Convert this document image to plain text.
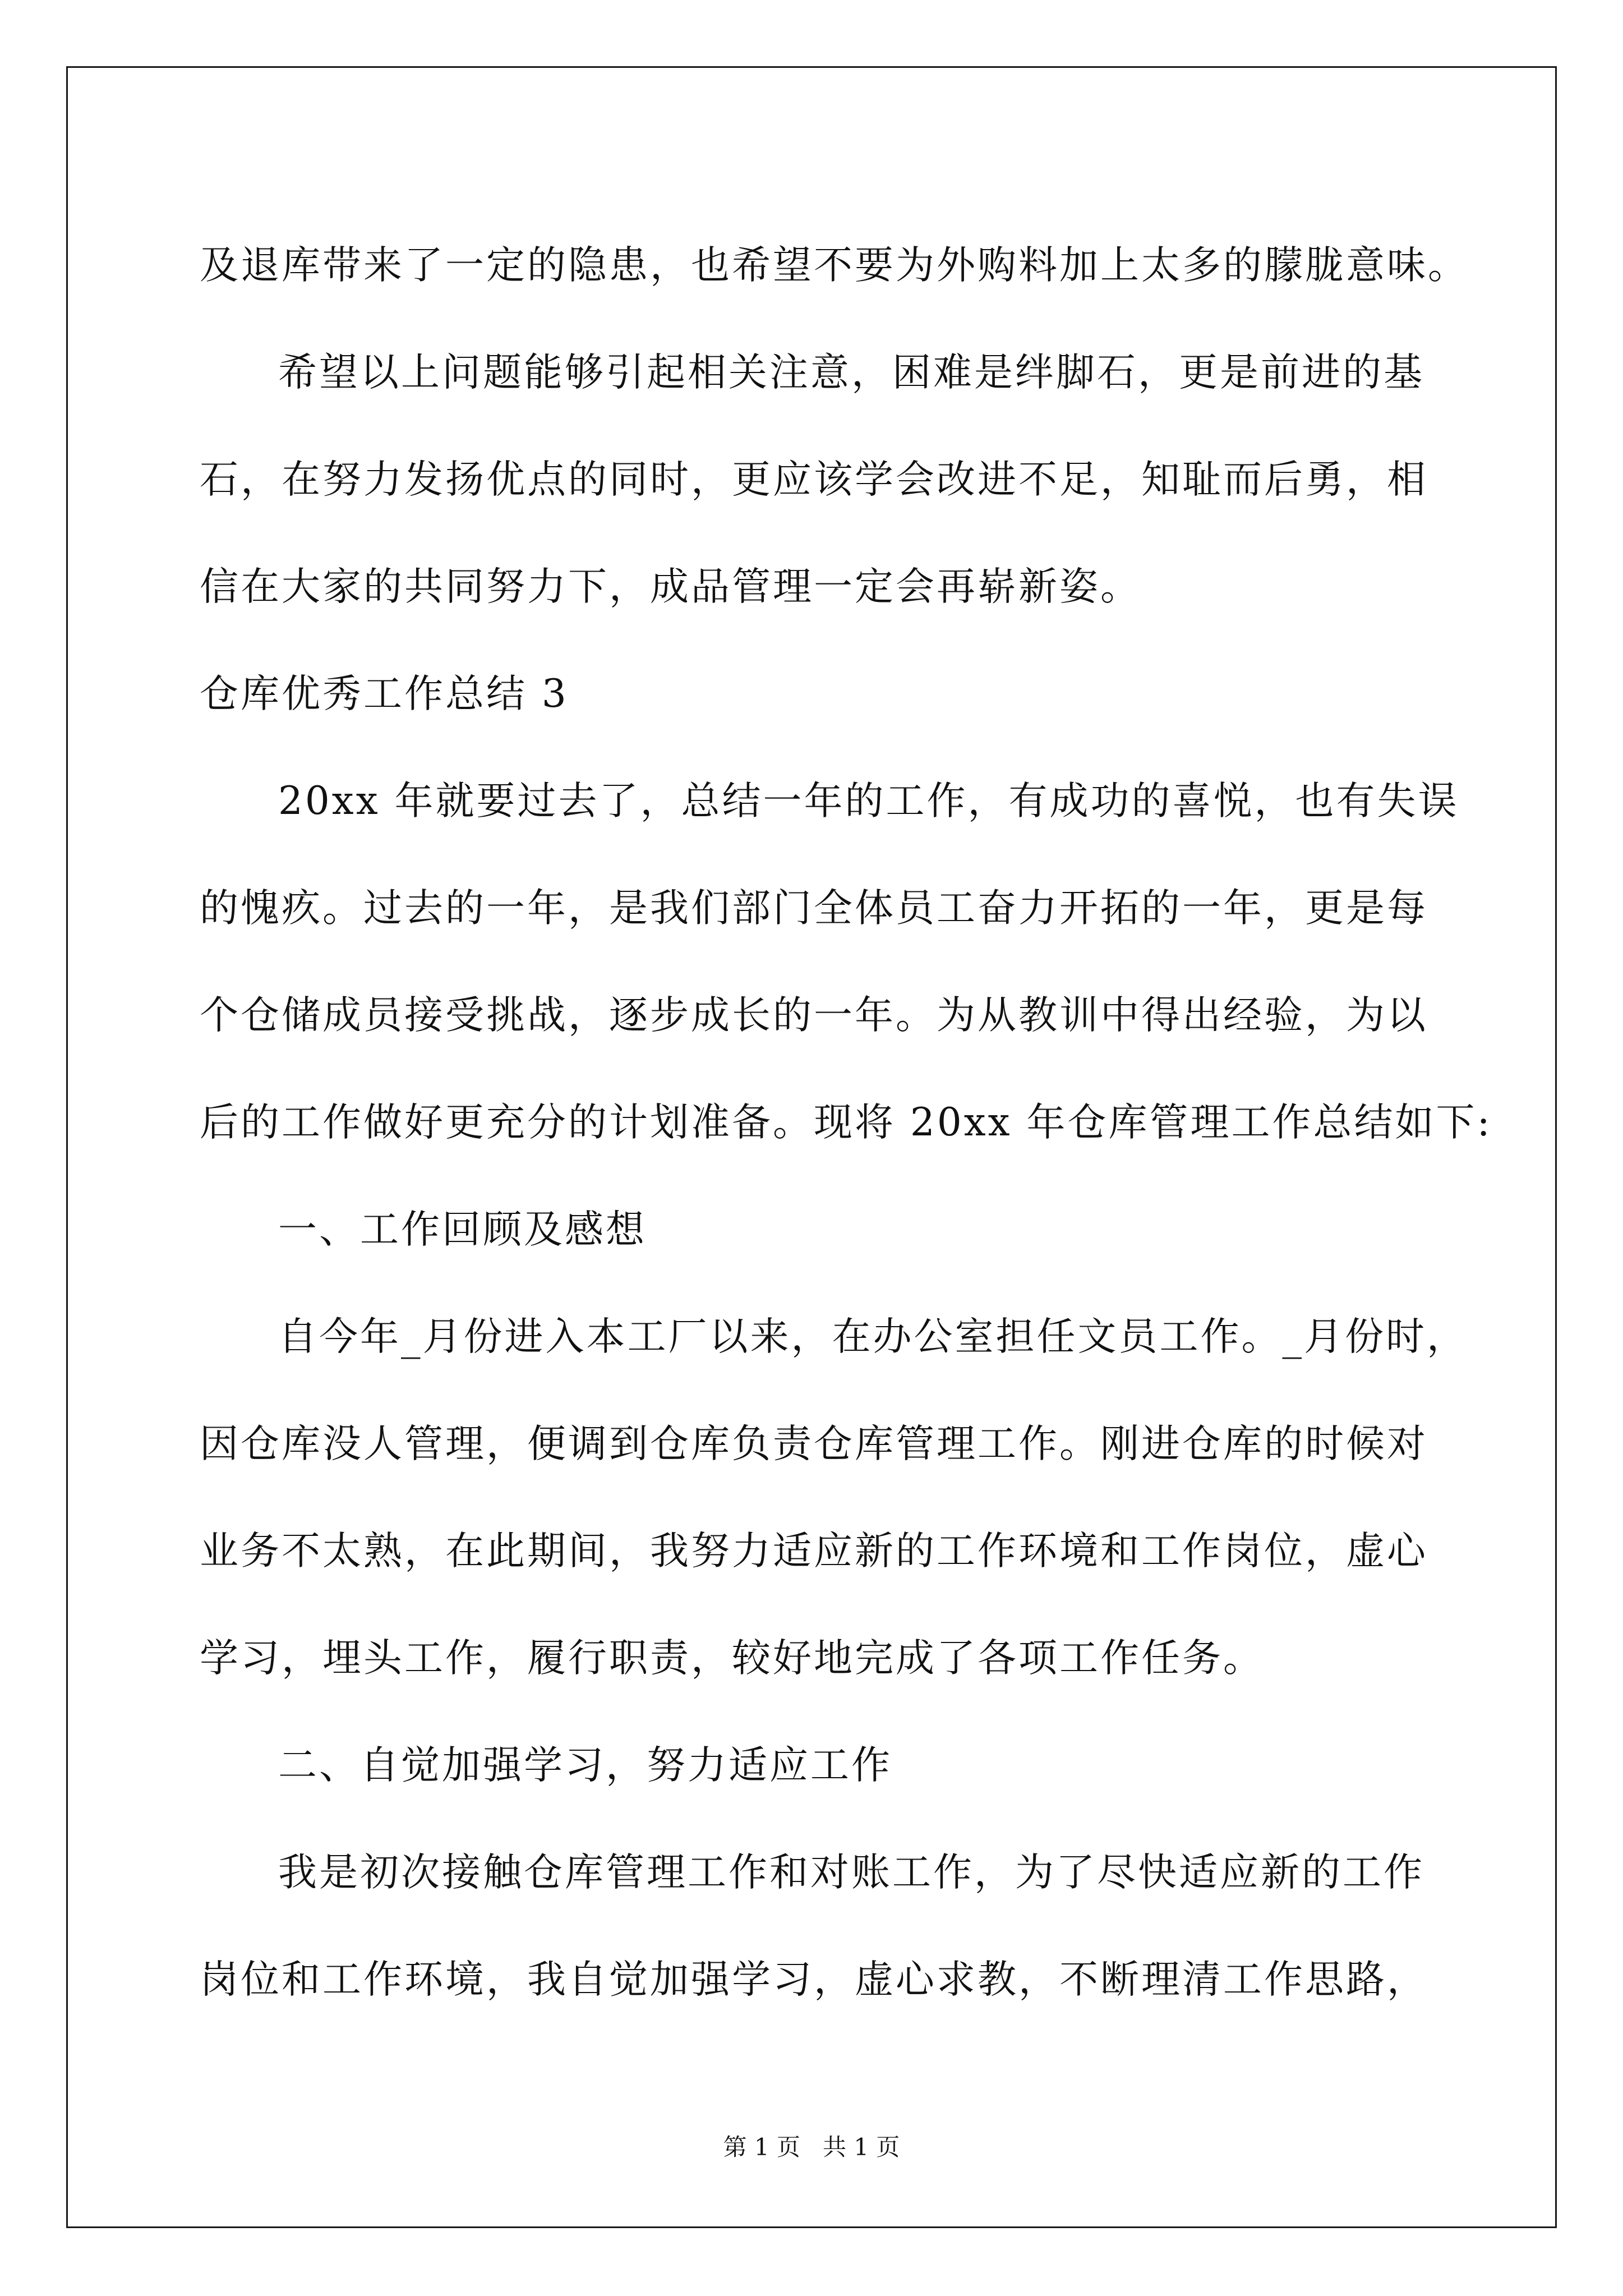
及退库带来了一定的隐患，也希望不要为外购料加上太多的朦胧意味。

希望以上问题能够引起相关注意，困难是绊脚石，更是前进的基

石，在努力发扬优点的同时，更应该学会改进不足，知耻而后勇，相

信在大家的共同努力下，成品管理一定会再崭新姿。

仓库优秀工作总结 3

20xx 年就要过去了，总结一年的工作，有成功的喜悦，也有失误

的愧疚。过去的一年，是我们部门全体员工奋力开拓的一年，更是每

个仓储成员接受挑战，逐步成长的一年。为从教训中得出经验，为以

后的工作做好更充分的计划准备。现将 20xx 年仓库管理工作总结如下:

一、工作回顾及感想

自今年_月份进入本工厂以来，在办公室担任文员工作。_月份时，

因仓库没人管理，便调到仓库负责仓库管理工作。刚进仓库的时候对

业务不太熟，在此期间，我努力适应新的工作环境和工作岗位，虚心

学习，埋头工作，履行职责，较好地完成了各项工作任务。

二、自觉加强学习，努力适应工作

我是初次接触仓库管理工作和对账工作，为了尽快适应新的工作

岗位和工作环境，我自觉加强学习，虚心求教，不断理清工作思路，

第 1 页 共 1 页
